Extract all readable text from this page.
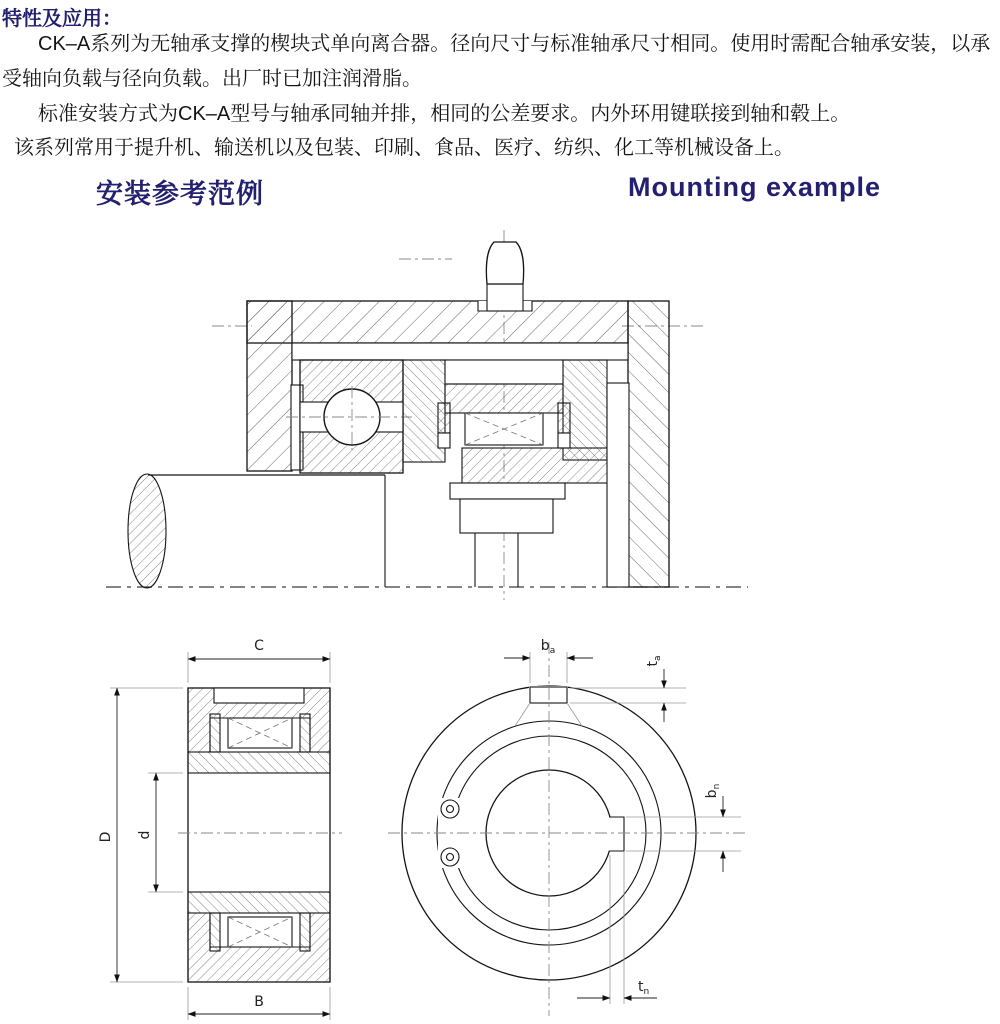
特性及应用：
CK–A系列为无轴承支撑的楔块式单向离合器。径向尺寸与标准轴承尺寸相同。使用时需配合轴承安装，以承
受轴向负载与径向负载。出厂时已加注润滑脂。
标准安装方式为CK–A型号与轴承同轴并排，相同的公差要求。内外环用键联接到轴和毂上。
该系列常用于提升机、输送机以及包装、印刷、食品、医疗、纺织、化工等机械设备上。
安装参考范例	Mounting example
C
D d
B
$b_a$
$t_a$
$b_n$
$t_n$
